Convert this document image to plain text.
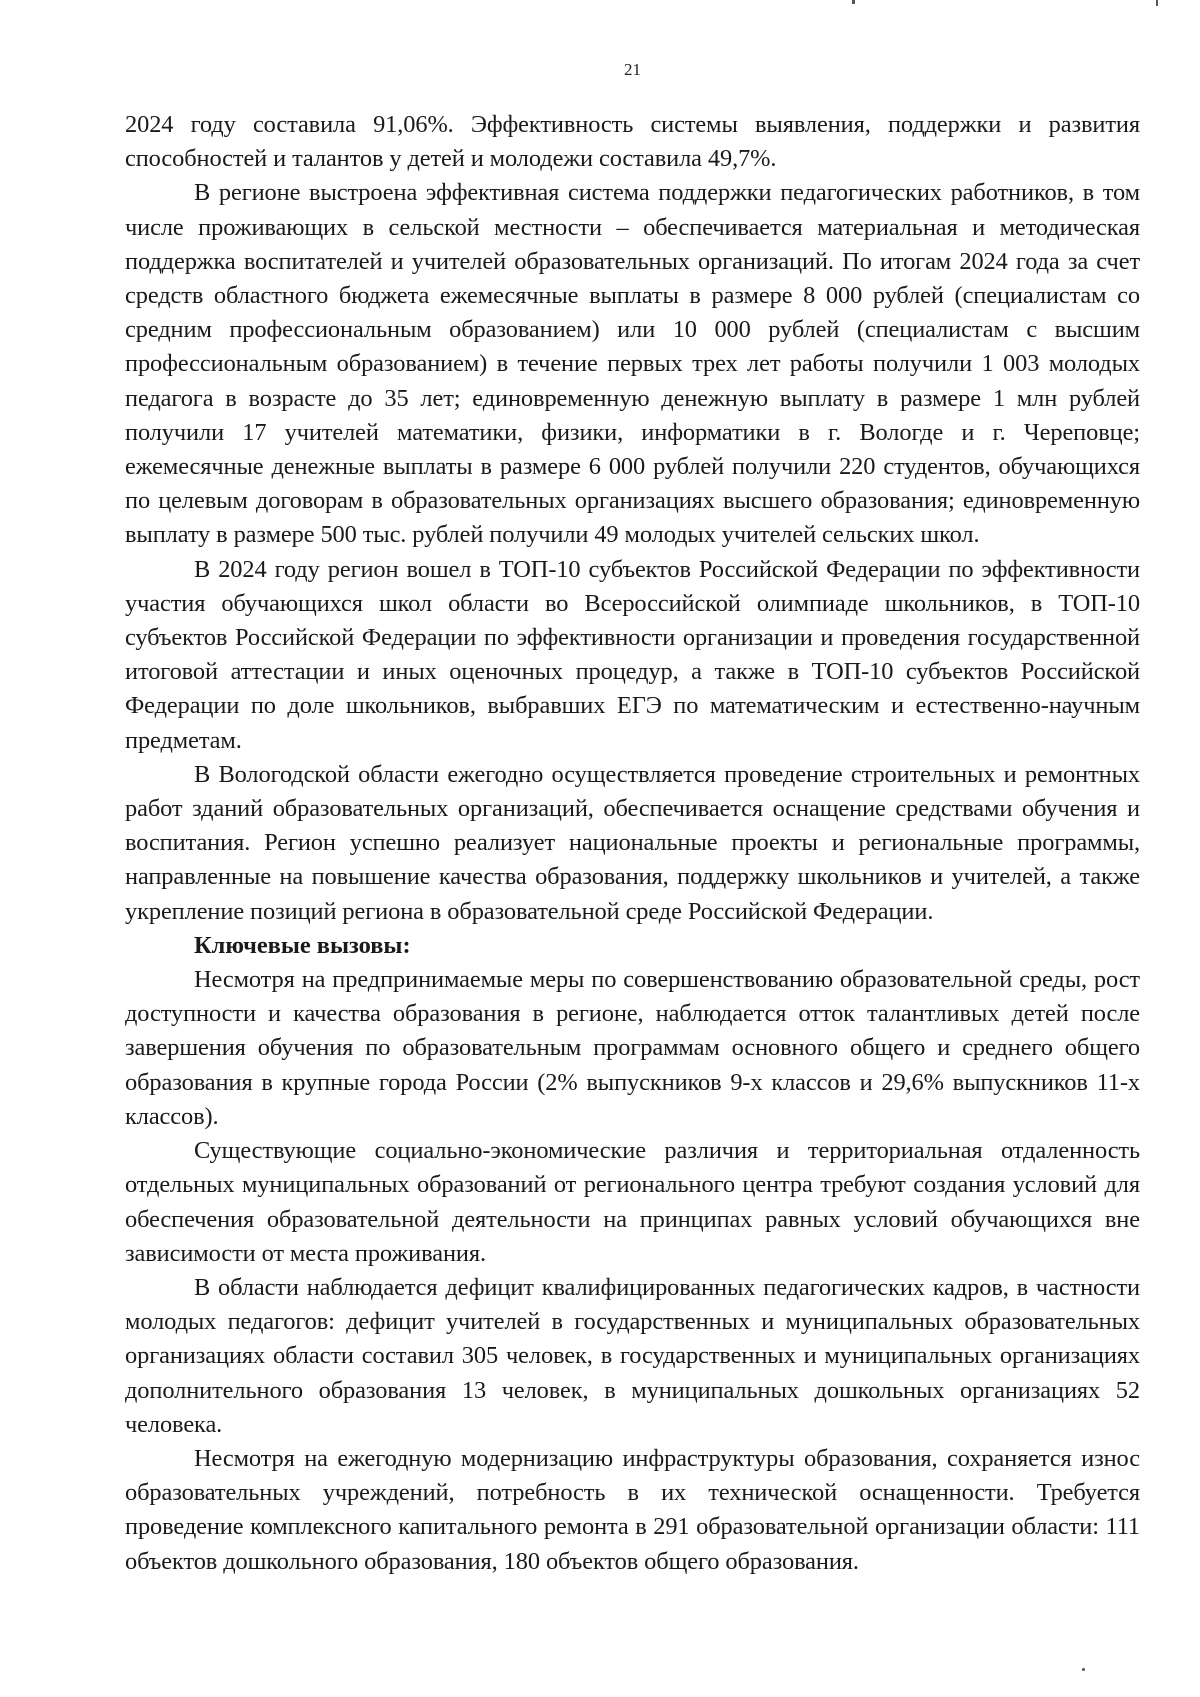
21

2024 году составила 91,06%. Эффективность системы выявления, поддержки и развития способностей и талантов у детей и молодежи составила 49,7%.

В регионе выстроена эффективная система поддержки педагогических работников, в том числе проживающих в сельской местности – обеспечивается материальная и методическая поддержка воспитателей и учителей образовательных организаций. По итогам 2024 года за счет средств областного бюджета ежемесячные выплаты в размере 8 000 рублей (специалистам со средним профессиональным образованием) или 10 000 рублей (специалистам с высшим профессиональным образованием) в течение первых трех лет работы получили 1 003 молодых педагога в возрасте до 35 лет; единовременную денежную выплату в размере 1 млн рублей получили 17 учителей математики, физики, информатики в г. Вологде и г. Череповце; ежемесячные денежные выплаты в размере 6 000 рублей получили 220 студентов, обучающихся по целевым договорам в образовательных организациях высшего образования; единовременную выплату в размере 500 тыс. рублей получили 49 молодых учителей сельских школ.

В 2024 году регион вошел в ТОП-10 субъектов Российской Федерации по эффективности участия обучающихся школ области во Всероссийской олимпиаде школьников, в ТОП-10 субъектов Российской Федерации по эффективности организации и проведения государственной итоговой аттестации и иных оценочных процедур, а также в ТОП-10 субъектов Российской Федерации по доле школьников, выбравших ЕГЭ по математическим и естественно-научным предметам.

В Вологодской области ежегодно осуществляется проведение строительных и ремонтных работ зданий образовательных организаций, обеспечивается оснащение средствами обучения и воспитания. Регион успешно реализует национальные проекты и региональные программы, направленные на повышение качества образования, поддержку школьников и учителей, а также укрепление позиций региона в образовательной среде Российской Федерации.

Ключевые вызовы:

Несмотря на предпринимаемые меры по совершенствованию образовательной среды, рост доступности и качества образования в регионе, наблюдается отток талантливых детей после завершения обучения по образовательным программам основного общего и среднего общего образования в крупные города России (2% выпускников 9-х классов и 29,6% выпускников 11-х классов).

Существующие социально-экономические различия и территориальная отдаленность отдельных муниципальных образований от регионального центра требуют создания условий для обеспечения образовательной деятельности на принципах равных условий обучающихся вне зависимости от места проживания.

В области наблюдается дефицит квалифицированных педагогических кадров, в частности молодых педагогов: дефицит учителей в государственных и муниципальных образовательных организациях области составил 305 человек, в государственных и муниципальных организациях дополнительного образования 13 человек, в муниципальных дошкольных организациях 52 человека.

Несмотря на ежегодную модернизацию инфраструктуры образования, сохраняется износ образовательных учреждений, потребность в их технической оснащенности. Требуется проведение комплексного капитального ремонта в 291 образовательной организации области: 111 объектов дошкольного образования, 180 объектов общего образования.
